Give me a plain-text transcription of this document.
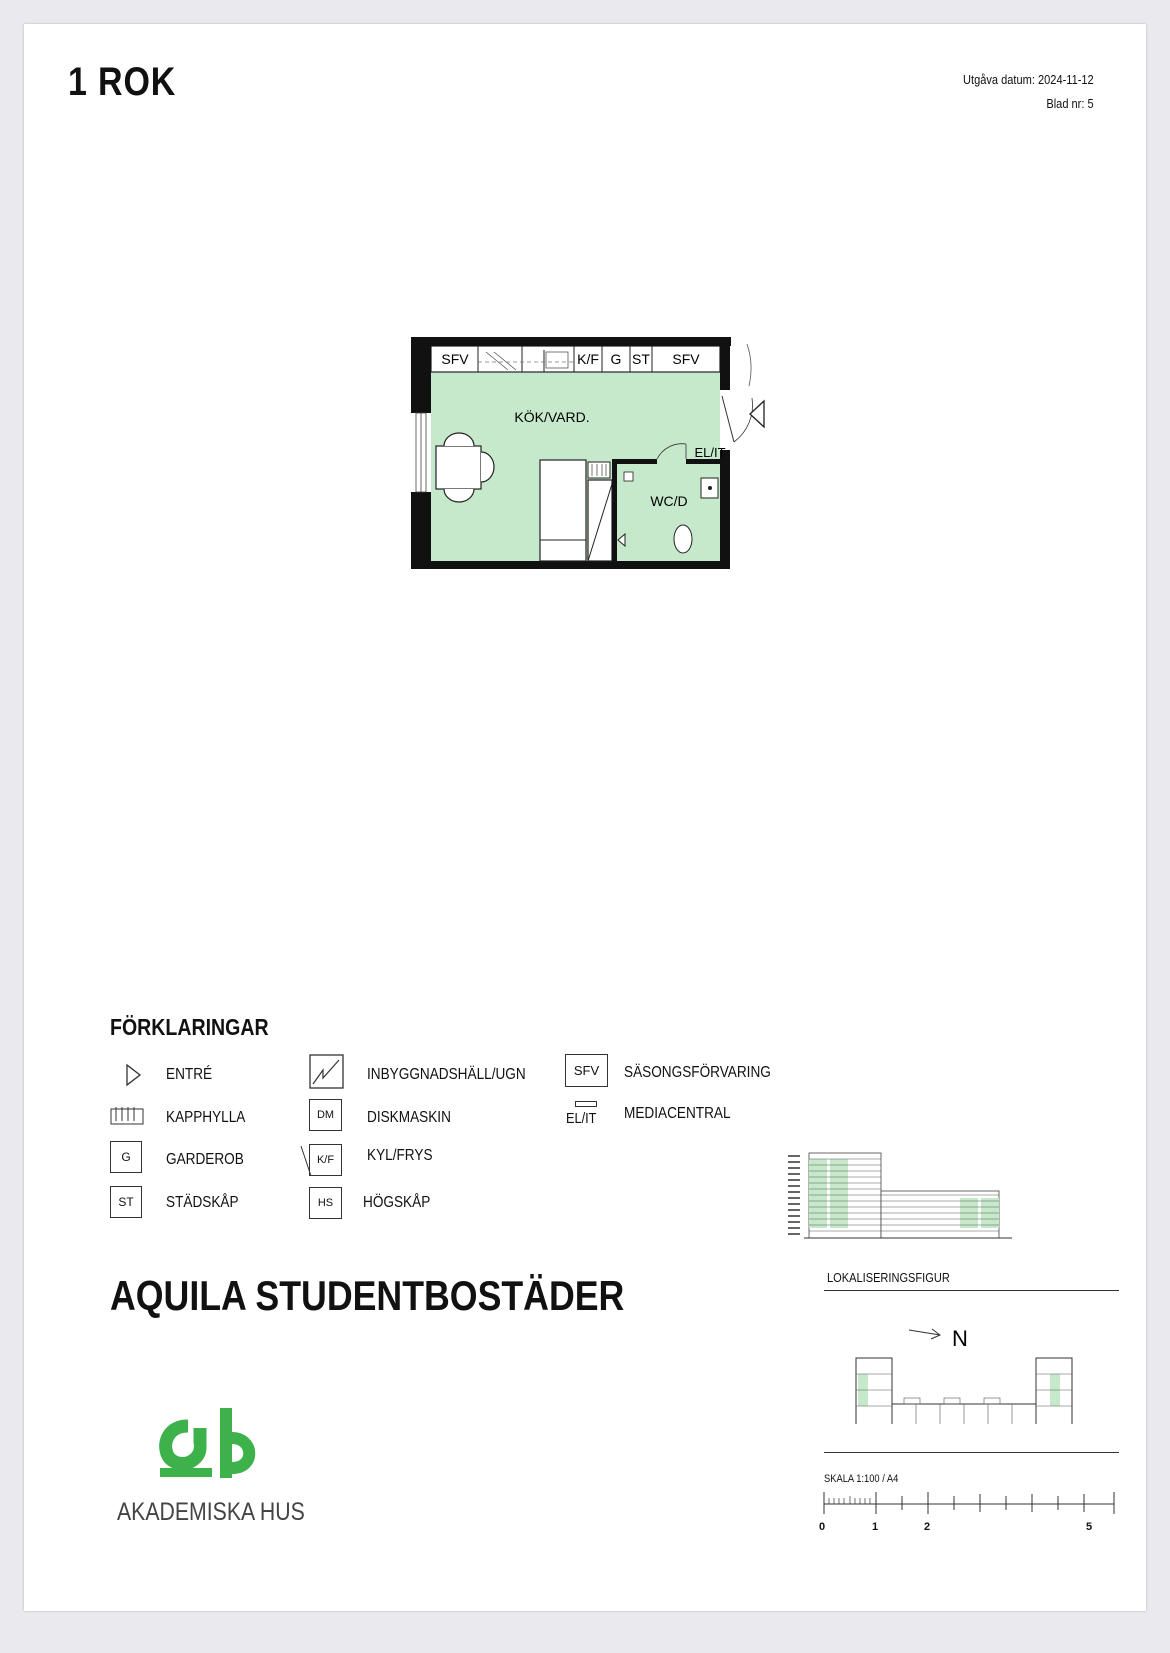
1 ROK	Utgåva datum: 2024-11-12
Blad nr: 5
SFV	K/F G ST SFV
KÖK/VARD.
EL/IT
WC/D
FÖRKLARINGAR
ENTRÉ
KAPPHYLLA
G	GARDEROB
ST	STÄDSKÅP
INBYGGNADSHÄLL/UGN
DM	DISKMASKIN
K/F	KYL/FRYS
HS	HÖGSKÅP
SFV	SÄSONGSFÖRVARING
EL/IT MEDIACENTRAL
AQUILA STUDENTBOSTÄDER
AKADEMISKA HUS
LOKALISERINGSFIGUR
N
SKALA 1:100 / A4
0	1	2	5
